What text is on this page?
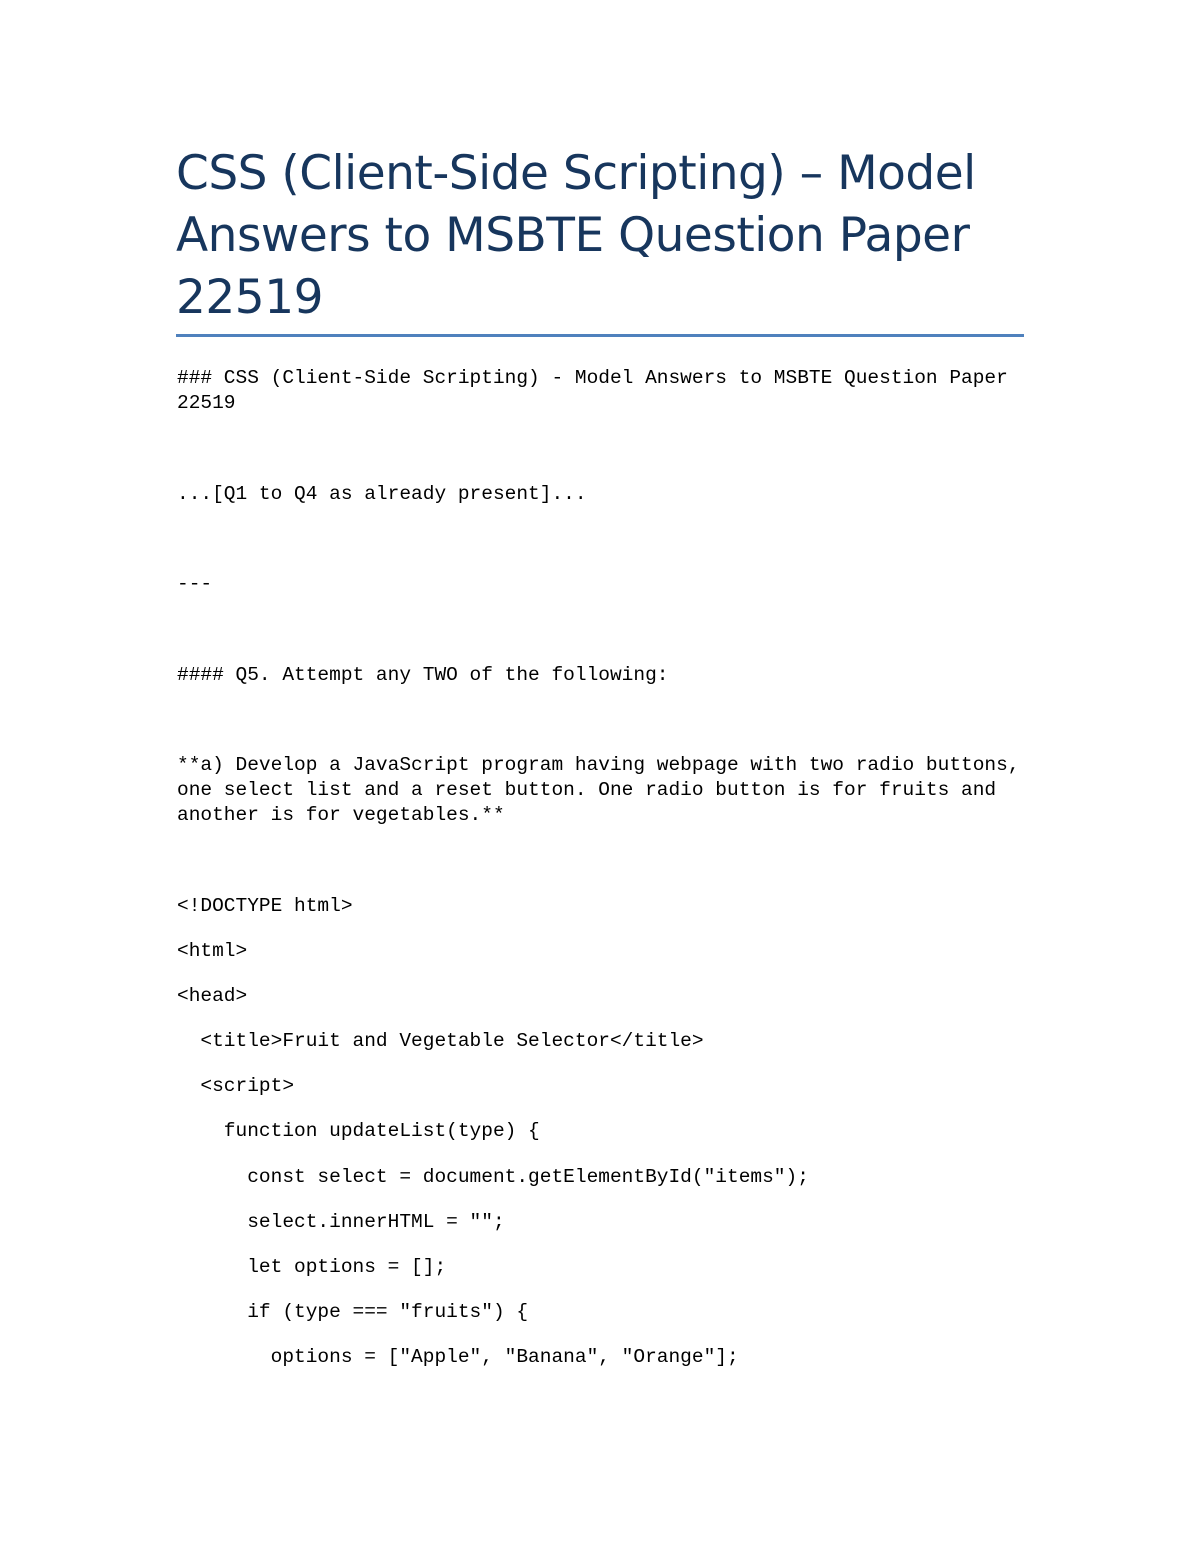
CSS (Client-Side Scripting) – Model
Answers to MSBTE Question Paper
22519
### CSS (Client-Side Scripting) - Model Answers to MSBTE Question Paper
22519
...[Q1 to Q4 as already present]...
---
#### Q5. Attempt any TWO of the following:
**a) Develop a JavaScript program having webpage with two radio buttons,
one select list and a reset button. One radio button is for fruits and
another is for vegetables.**
<!DOCTYPE html>
<html>
<head>
<title>Fruit and Vegetable Selector</title>
<script>
function updateList(type) {
const select = document.getElementById("items");
select.innerHTML = "";
let options = [];
if (type === "fruits") {
options = ["Apple", "Banana", "Orange"];
